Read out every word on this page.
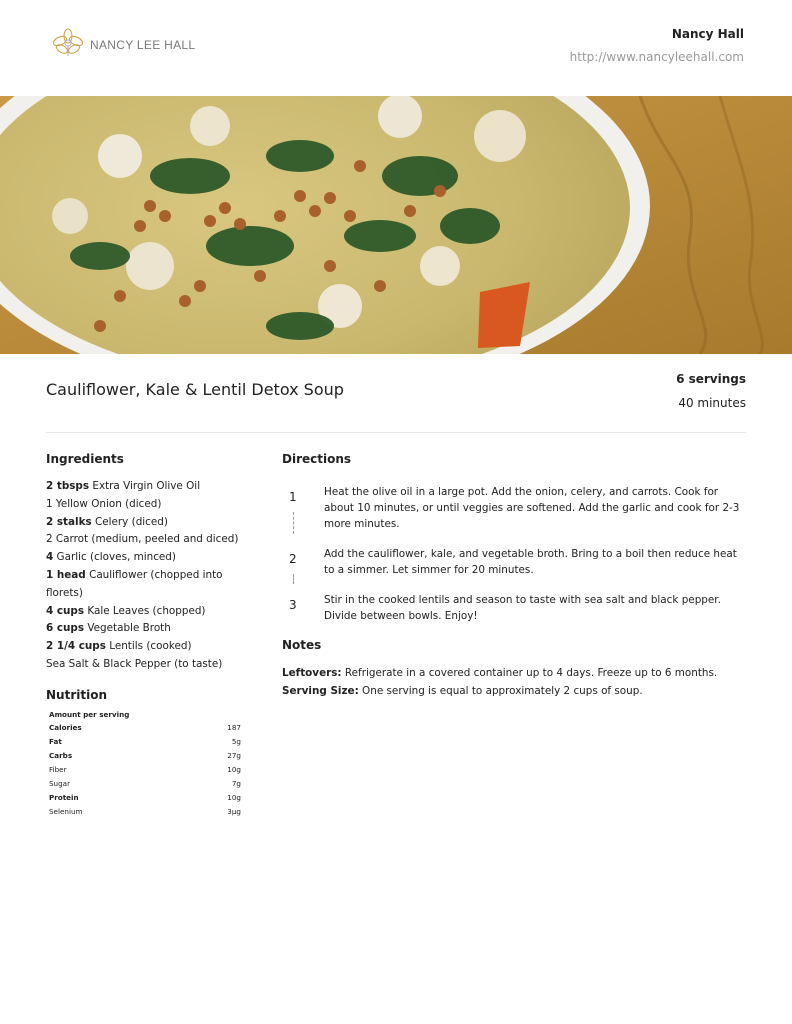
NANCY LEE HALL
Nancy Hall
http://www.nancyleehall.com
Cauliflower, Kale & Lentil Detox Soup
6 servings
40 minutes
Ingredients
2 tbsps Extra Virgin Olive Oil
1 Yellow Onion (diced)
2 stalks Celery (diced)
2 Carrot (medium, peeled and diced)
4 Garlic (cloves, minced)
1 head Cauliflower (chopped into florets)
4 cups Kale Leaves (chopped)
6 cups Vegetable Broth
2 1/4 cups Lentils (cooked)
Sea Salt & Black Pepper (to taste)
Nutrition
Amount per serving
Calories	187
Fat	5g
Carbs	27g
Fiber	10g
Sugar	7g
Protein	10g
Selenium	3µg
Directions
1	Heat the olive oil in a large pot. Add the onion, celery, and carrots. Cook for about 10 minutes, or until veggies are softened. Add the garlic and cook for 2-3 more minutes.
2	Add the cauliflower, kale, and vegetable broth. Bring to a boil then reduce heat to a simmer. Let simmer for 20 minutes.
3	Stir in the cooked lentils and season to taste with sea salt and black pepper. Divide between bowls. Enjoy!
Notes
Leftovers: Refrigerate in a covered container up to 4 days. Freeze up to 6 months.
Serving Size: One serving is equal to approximately 2 cups of soup.
